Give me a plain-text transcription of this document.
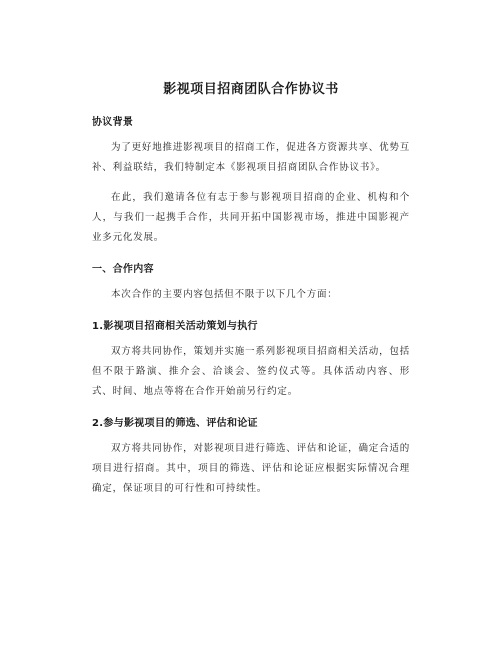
影视项目招商团队合作协议书
协议背景

为了更好地推进影视项目的招商工作，促进各方资源共享、优势互补、利益联结，我们特制定本《影视项目招商团队合作协议书》。

在此，我们邀请各位有志于参与影视项目招商的企业、机构和个人，与我们一起携手合作，共同开拓中国影视市场，推进中国影视产业多元化发展。

一、合作内容

本次合作的主要内容包括但不限于以下几个方面：

1.影视项目招商相关活动策划与执行

双方将共同协作，策划并实施一系列影视项目招商相关活动，包括但不限于路演、推介会、洽谈会、签约仪式等。具体活动内容、形式、时间、地点等将在合作开始前另行约定。

2.参与影视项目的筛选、评估和论证

双方将共同协作，对影视项目进行筛选、评估和论证，确定合适的项目进行招商。其中，项目的筛选、评估和论证应根据实际情况合理确定，保证项目的可行性和可持续性。
